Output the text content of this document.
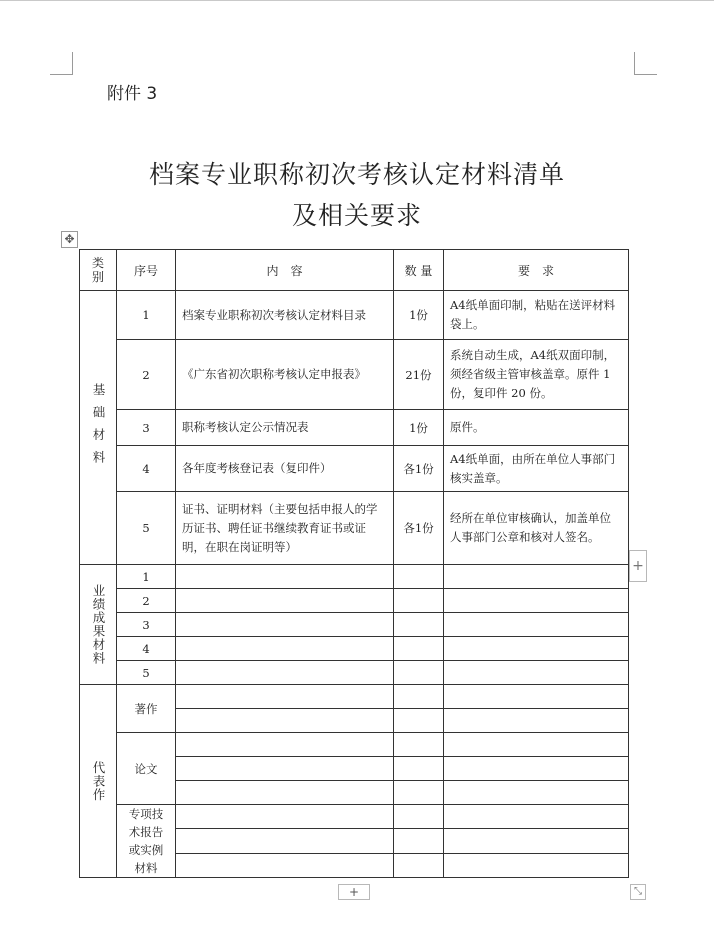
附件 3
档案专业职称初次考核认定材料清单
及相关要求
✥
类
别	序号	内　容	数 量	要　求

基础材料	1	档案专业职称初次考核认定材料目录	1份	A4纸单面印制，粘贴在送评材料袋上。
	2	《广东省初次职称考核认定申报表》	21份	系统自动生成，A4纸双面印制，须经省级主管审核盖章。原件 1份，复印件 20 份。
	3	职称考核认定公示情况表	1份	原件。
	4	各年度考核登记表（复印件）	各1份	A4纸单面，由所在单位人事部门核实盖章。
	5	证书、证明材料（主要包括申报人的学历证书、聘任证书继续教育证书或证明，在职在岗证明等）	各1份	经所在单位审核确认，加盖单位人事部门公章和核对人签名。

业绩成果材料	1			
	2			
	3			
	4			
	5			

代表作	著作			

	论文			

	专项技术报告或实例材料			

+
+	⤡
